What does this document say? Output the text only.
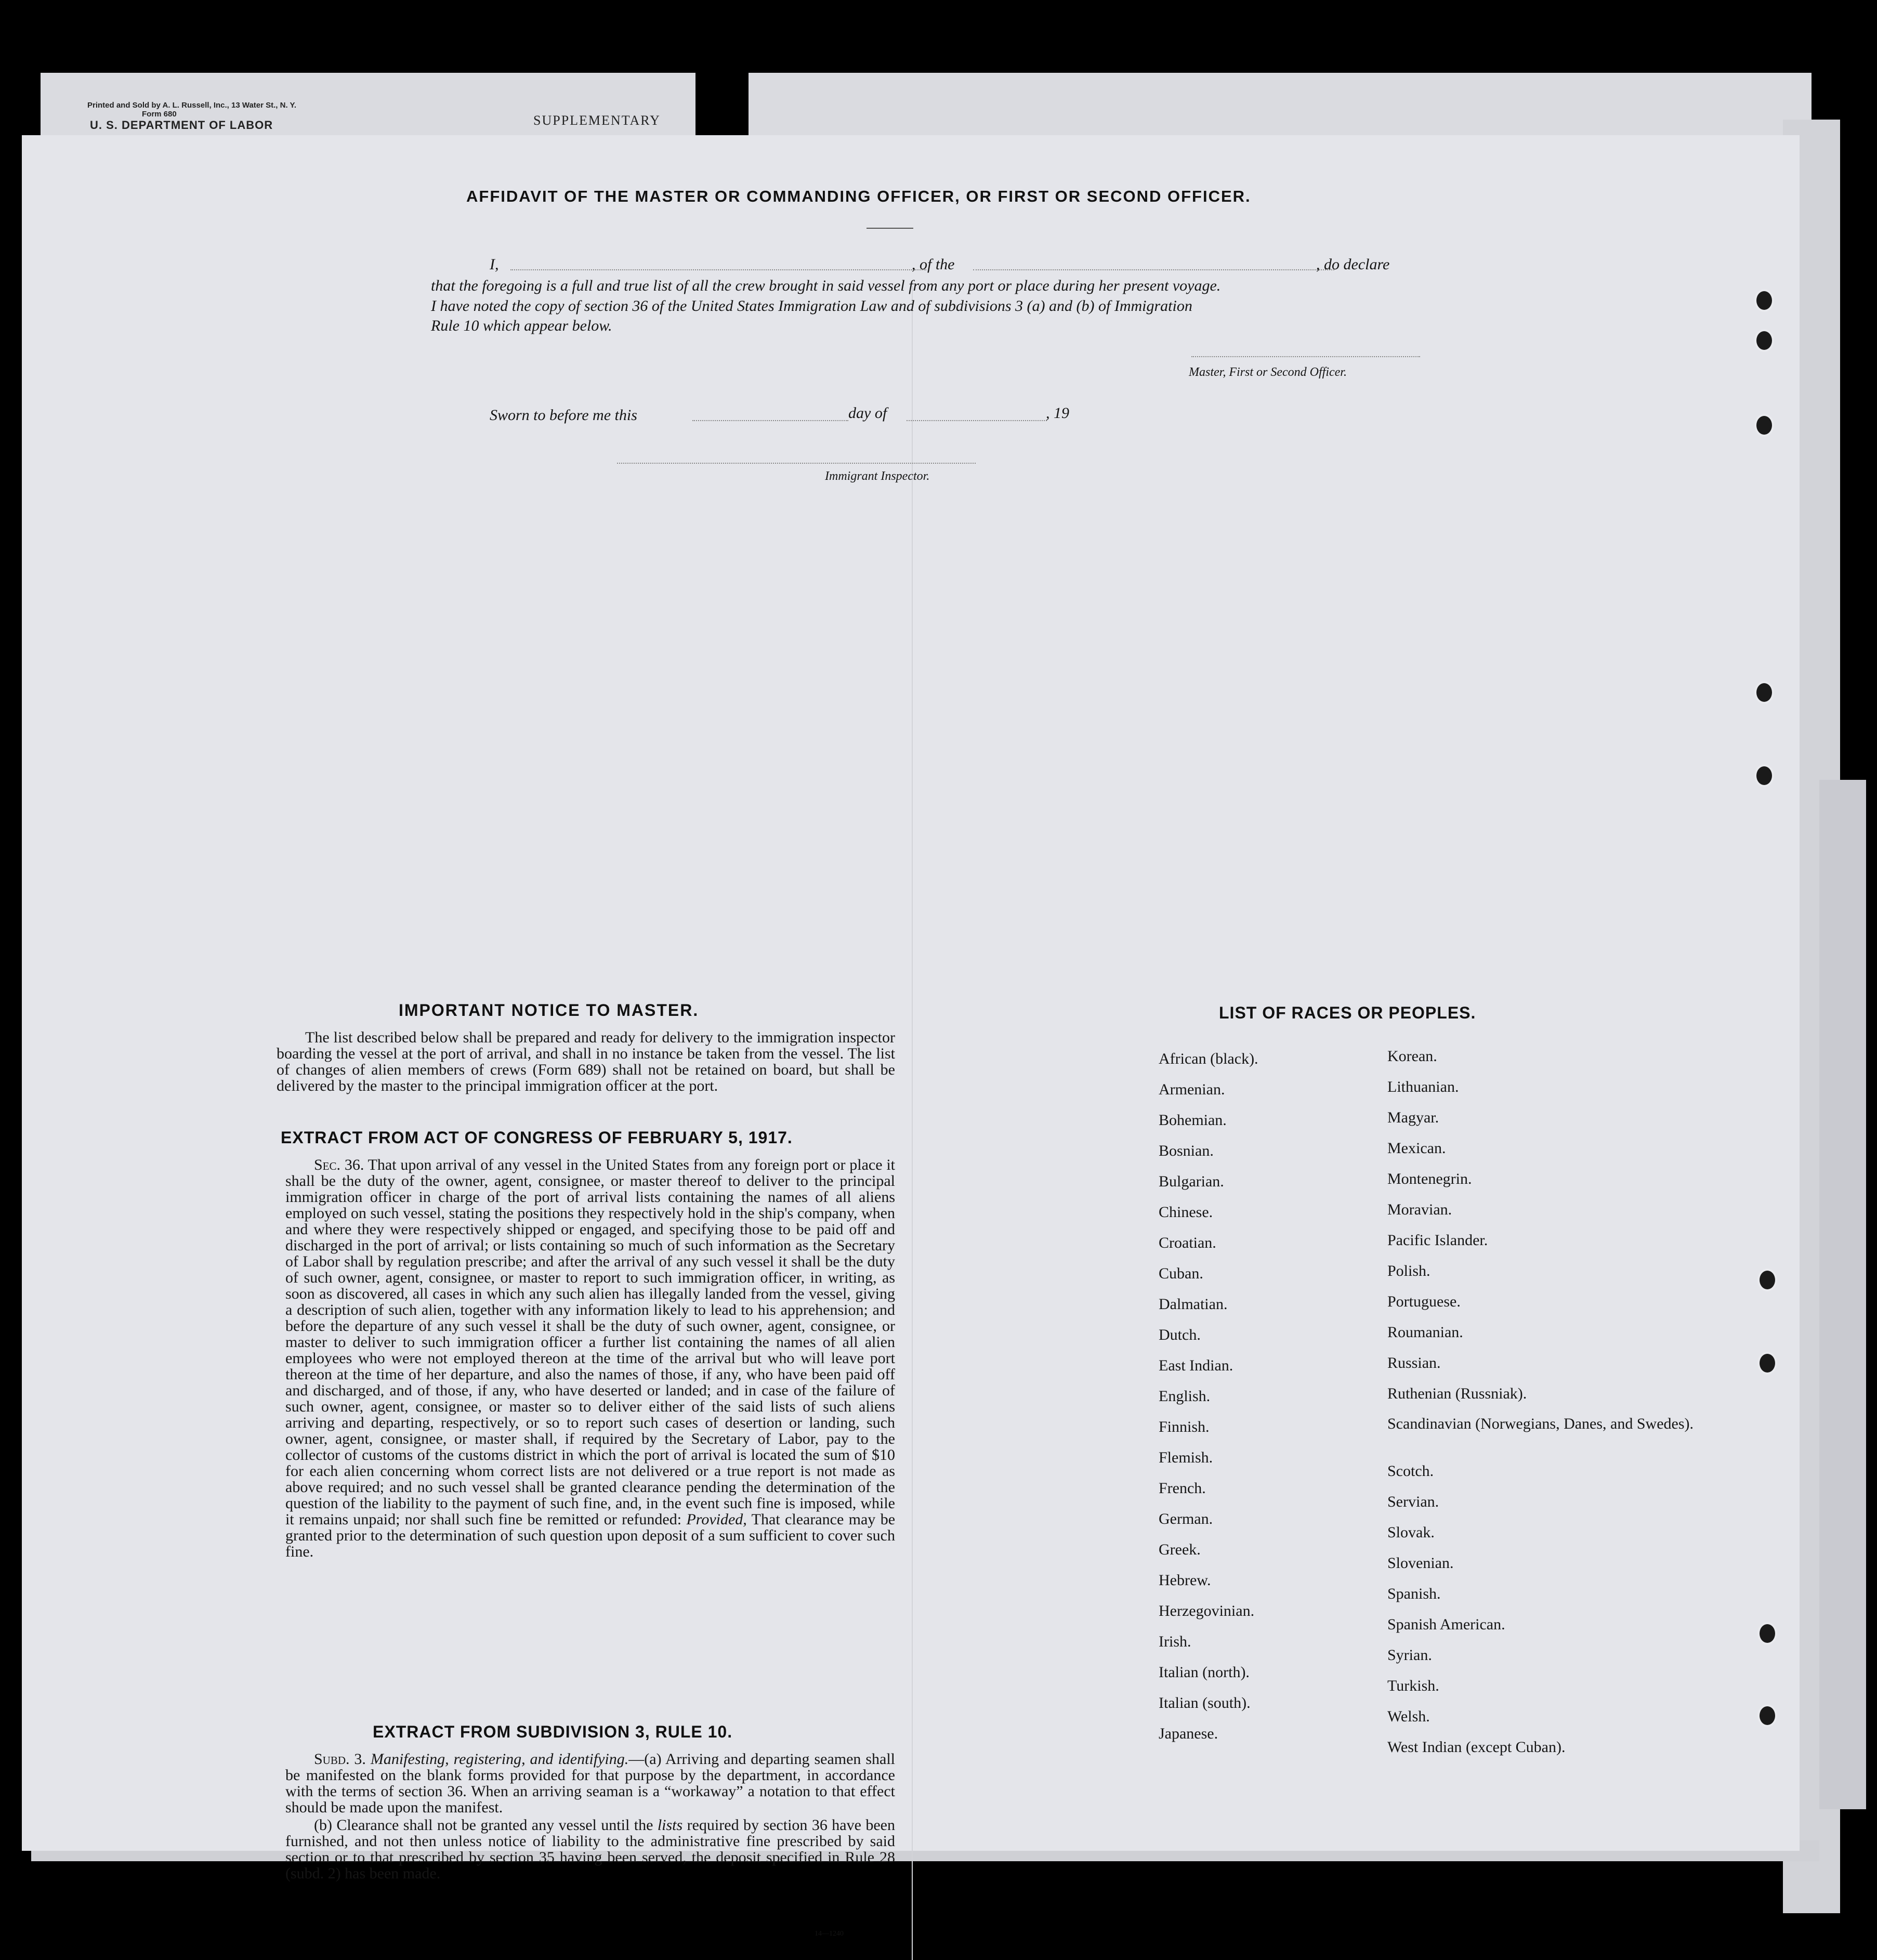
Printed and Sold by A. L. Russell, Inc., 13 Water St., N. Y.
Form 680
U. S. DEPARTMENT OF LABOR	SUPPLEMENTARY
AFFIDAVIT OF THE MASTER OR COMMANDING OFFICER, OR FIRST OR SECOND OFFICER.
I,	, of the	, do declare
that the foregoing is a full and true list of all the crew brought in said vessel from any port or place during her present voyage.
I have noted the copy of section 36 of the United States Immigration Law and of subdivisions 3 (a) and (b) of Immigration
Rule 10 which appear below.
Master, First or Second Officer.
Sworn to before me this	day of	, 19
Immigrant Inspector.
IMPORTANT NOTICE TO MASTER.
The list described below shall be prepared and ready for delivery to the immigration inspector boarding the vessel at the port of arrival, and shall in no instance be taken from the vessel. The list of changes of alien members of crews (Form 689) shall not be retained on board, but shall be delivered by the master to the principal immigration officer at the port.
EXTRACT FROM ACT OF CONGRESS OF FEBRUARY 5, 1917.
Sec. 36. That upon arrival of any vessel in the United States from any foreign port or place it shall be the duty of the owner, agent, consignee, or master thereof to deliver to the principal immigration officer in charge of the port of arrival lists containing the names of all aliens employed on such vessel, stating the positions they respectively hold in the ship's company, when and where they were respectively shipped or engaged, and specifying those to be paid off and discharged in the port of arrival; or lists containing so much of such information as the Secretary of Labor shall by regulation prescribe; and after the arrival of any such vessel it shall be the duty of such owner, agent, consignee, or master to report to such immigration officer, in writing, as soon as discovered, all cases in which any such alien has illegally landed from the vessel, giving a description of such alien, together with any information likely to lead to his apprehension; and before the departure of any such vessel it shall be the duty of such owner, agent, consignee, or master to deliver to such immigration officer a further list containing the names of all alien employees who were not employed thereon at the time of the arrival but who will leave port thereon at the time of her departure, and also the names of those, if any, who have been paid off and discharged, and of those, if any, who have deserted or landed; and in case of the failure of such owner, agent, consignee, or master so to deliver either of the said lists of such aliens arriving and departing, respectively, or so to report such cases of desertion or landing, such owner, agent, consignee, or master shall, if required by the Secretary of Labor, pay to the collector of customs of the customs district in which the port of arrival is located the sum of $10 for each alien concerning whom correct lists are not delivered or a true report is not made as above required; and no such vessel shall be granted clearance pending the determination of the question of the liability to the payment of such fine, and, in the event such fine is imposed, while it remains unpaid; nor shall such fine be remitted or refunded: Provided, That clearance may be granted prior to the determination of such question upon deposit of a sum sufficient to cover such fine.
EXTRACT FROM SUBDIVISION 3, RULE 10.
Subd. 3. Manifesting, registering, and identifying.—(a) Arriving and departing seamen shall be manifested on the blank forms provided for that purpose by the department, in accordance with the terms of section 36. When an arriving seaman is a “workaway” a notation to that effect should be made upon the manifest.
(b) Clearance shall not be granted any vessel until the lists required by section 36 have been furnished, and not then unless notice of liability to the administrative fine prescribed by said section or to that prescribed by section 35 having been served, the deposit specified in Rule 28 (subd. 2) has been made.
14—1240
LIST OF RACES OR PEOPLES.
African (black).
Armenian.
Bohemian.
Bosnian.
Bulgarian.
Chinese.
Croatian.
Cuban.
Dalmatian.
Dutch.
East Indian.
English.
Finnish.
Flemish.
French.
German.
Greek.
Hebrew.
Herzegovinian.
Irish.
Italian (north).
Italian (south).
Japanese.
Korean.
Lithuanian.
Magyar.
Mexican.
Montenegrin.
Moravian.
Pacific Islander.
Polish.
Portuguese.
Roumanian.
Russian.
Ruthenian (Russniak).
Scandinavian (Norwegians, Danes, and Swedes).
Scotch.
Servian.
Slovak.
Slovenian.
Spanish.
Spanish American.
Syrian.
Turkish.
Welsh.
West Indian (except Cuban).
